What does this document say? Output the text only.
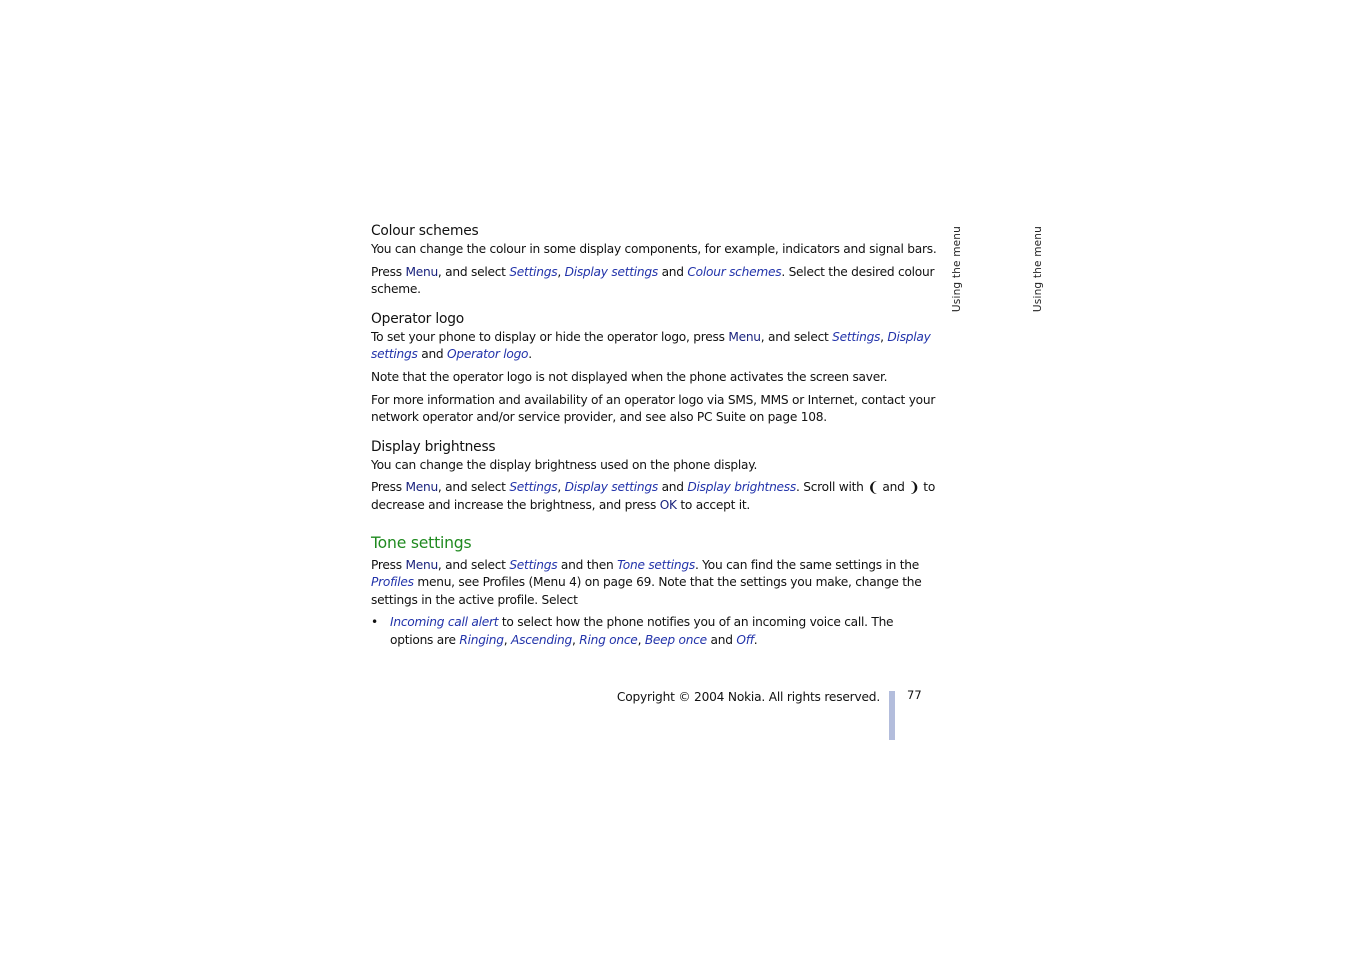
Colour schemes

You can change the colour in some display components, for example, indicators and signal bars.

Press Menu, and select Settings, Display settings and Colour schemes. Select the desired colour scheme.

Operator logo

To set your phone to display or hide the operator logo, press Menu, and select Settings, Display settings and Operator logo.

Note that the operator logo is not displayed when the phone activates the screen saver.

For more information and availability of an operator logo via SMS, MMS or Internet, contact your network operator and/or service provider, and see also PC Suite on page 108.

Display brightness

You can change the display brightness used on the phone display.

Press Menu, and select Settings, Display settings and Display brightness. Scroll with ❨ and ❩ to decrease and increase the brightness, and press OK to accept it.

Tone settings

Press Menu, and select Settings and then Tone settings. You can find the same settings in the Profiles menu, see Profiles (Menu 4) on page 69. Note that the settings you make, change the settings in the active profile. Select

• Incoming call alert to select how the phone notifies you of an incoming voice call. The options are Ringing, Ascending, Ring once, Beep once and Off.
Using the menu	Using the menu
Copyright © 2004 Nokia. All rights reserved. 77
